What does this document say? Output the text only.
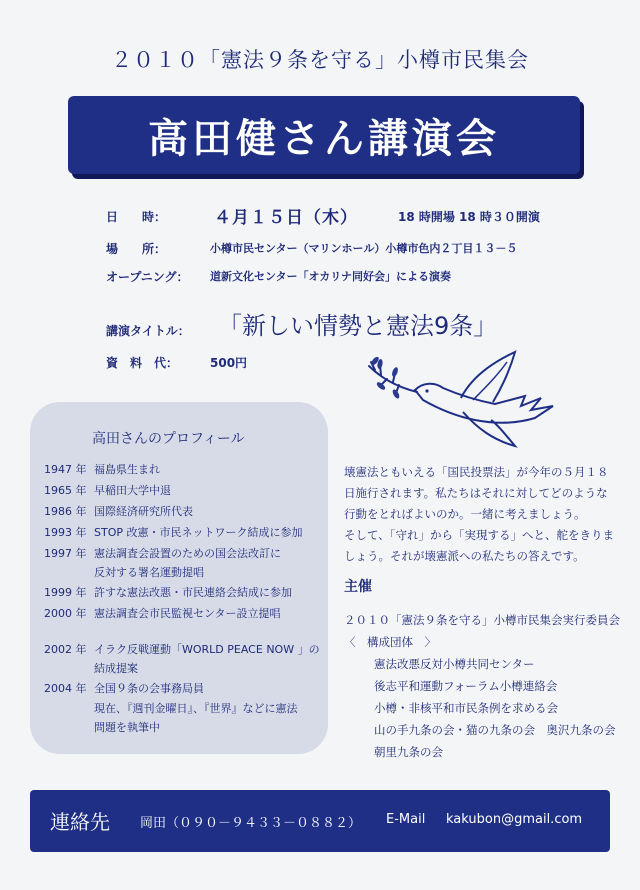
２０１０「憲法９条を守る」小樽市民集会
高田健さん講演会
日　　時：	４月１５日（木）	18 時開場 18 時３０開演
場　　所：	小樽市民センター（マリンホール）小樽市色内２丁目１３－５
オープニング： 道新文化センター「オカリナ同好会」による演奏
講演タイトル： 「新しい情勢と憲法9条」
資　料　代：	500円
高田さんのプロフィール
1947 年 福島県生まれ
1965 年 早稲田大学中退
1986 年 国際経済研究所代表
1993 年 STOP 改憲・市民ネットワーク結成に参加
1997 年 憲法調査会設置のための国会法改訂に
反対する署名運動提唱
1999 年 許すな憲法改悪・市民連絡会結成に参加
2000 年 憲法調査会市民監視センター設立提唱
2002 年 イラク反戦運動「WORLD PEACE NOW 」の
結成提案
2004 年 全国９条の会事務局員
現在、『週刊金曜日』、『世界』などに憲法
問題を執筆中
壊憲法ともいえる「国民投票法」が今年の５月１８
日施行されます。私たちはそれに対してどのような
行動をとればよいのか。一緒に考えましょう。
そして、「守れ」から「実現する」へと、舵をきりま
しょう。それが壊憲派への私たちの答えです。
主催
２０１０「憲法９条を守る」小樽市民集会実行委員会
〈　構成団体　〉
憲法改悪反対小樽共同センター
後志平和運動フォーラム小樽連絡会
小樽・非核平和市民条例を求める会
山の手九条の会・猫の九条の会　奥沢九条の会
朝里九条の会
連絡先 岡田（０９０－９４３３－０８８２） E-Mail kakubon@gmail.com
